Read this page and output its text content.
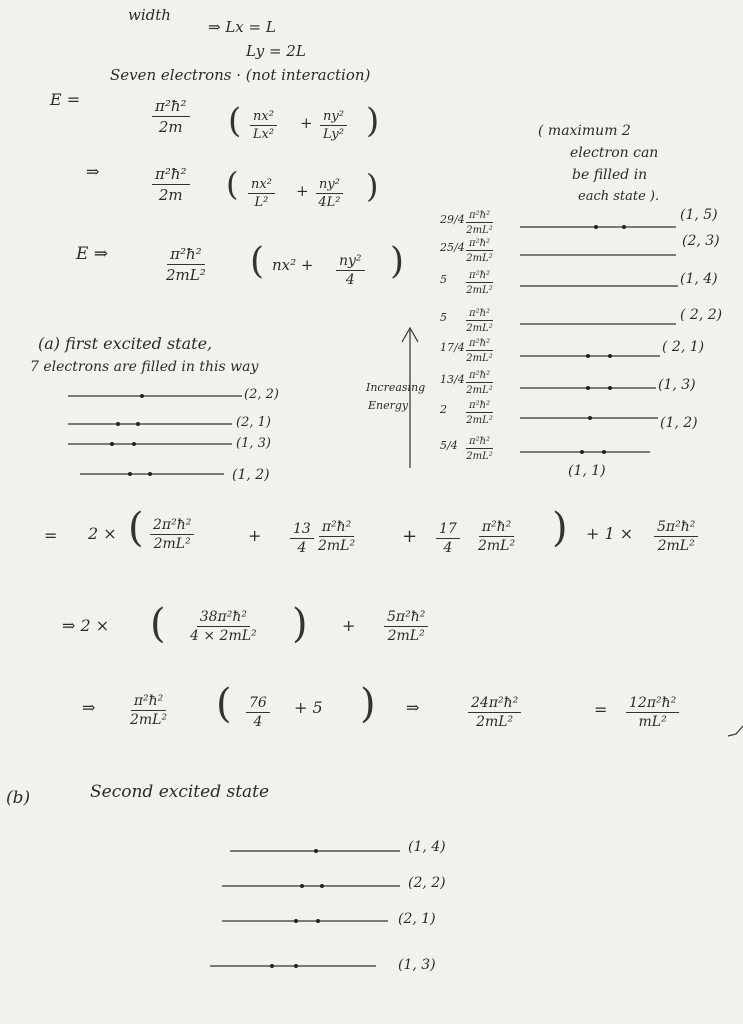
width
⇒ Lx = L
Ly = 2L
Seven electrons · (not interaction)
E =	$\frac{\text{π²ħ²}}{2m}$ ( $\frac{\text{nx²}}{\text{Lx²}} + \frac{\text{ny²}}{\text{Ly²}}$ )
⇒	$\frac{\text{π²ħ²}}{2m}$ ( $\frac{\text{nx²}}{\text{L²}} + \frac{\text{ny²}}{\text{4L²}}$ )
E ⇒	$\frac{\text{π²ħ²}}{\text{2mL²}}$ ( $nx^2 + \frac{\text{ny²}}{4}$ )
( maximum 2
electron can
be filled in
each state ).
$29/4 \frac{\text{π²ħ²}}{\text{2mL²}}$	(1, 5)
$25/4 \frac{\text{π²ħ²}}{\text{2mL²}}$	(2, 3)
$5 \frac{\text{π²ħ²}}{\text{2mL²}}$	(1, 4)
$5 \frac{\text{π²ħ²}}{\text{2mL²}}$	( 2, 2)
$17/4 \frac{\text{π²ħ²}}{\text{2mL²}}$	( 2, 1)
$13/4 \frac{\text{π²ħ²}}{\text{2mL²}}$	(1, 3)
$2 \frac{\text{π²ħ²}}{\text{2mL²}}$	(1, 2)
$5/4 \frac{\text{π²ħ²}}{\text{2mL²}}$
(1, 1)
Increasing
Energy
(a) first excited state,
7 electrons are filled in this way
(2, 2)
(2, 1)
(1, 3)
(1, 2)
= 2 × ( $\frac{\text{2π²ħ²}}{\text{2mL²}}$	+ $\frac{13}{4} \frac{\text{π²ħ²}}{\text{2mL²}}$	+ $\frac{17}{4} \frac{\text{π²ħ²}}{\text{2mL²}}$ ) + $1 \times \frac{\text{5π²ħ²}}{\text{2mL²}}$
⇒ 2 × ( $\frac{\text{38π²ħ²}}{\text{4 × 2mL²}}$ ) + $\frac{\text{5π²ħ²}}{\text{2mL²}}$
⇒ $\frac{\text{π²ħ²}}{\text{2mL²}}$ ( $\frac{76}{4} + 5$ ) ⇒	$\frac{\text{24π²ħ²}}{\text{2mL²}}$	= $\frac{\text{12π²ħ²}}{\text{mL²}}$
(b)	Second excited state
(1, 4)
(2, 2)
(2, 1)
(1, 3)
